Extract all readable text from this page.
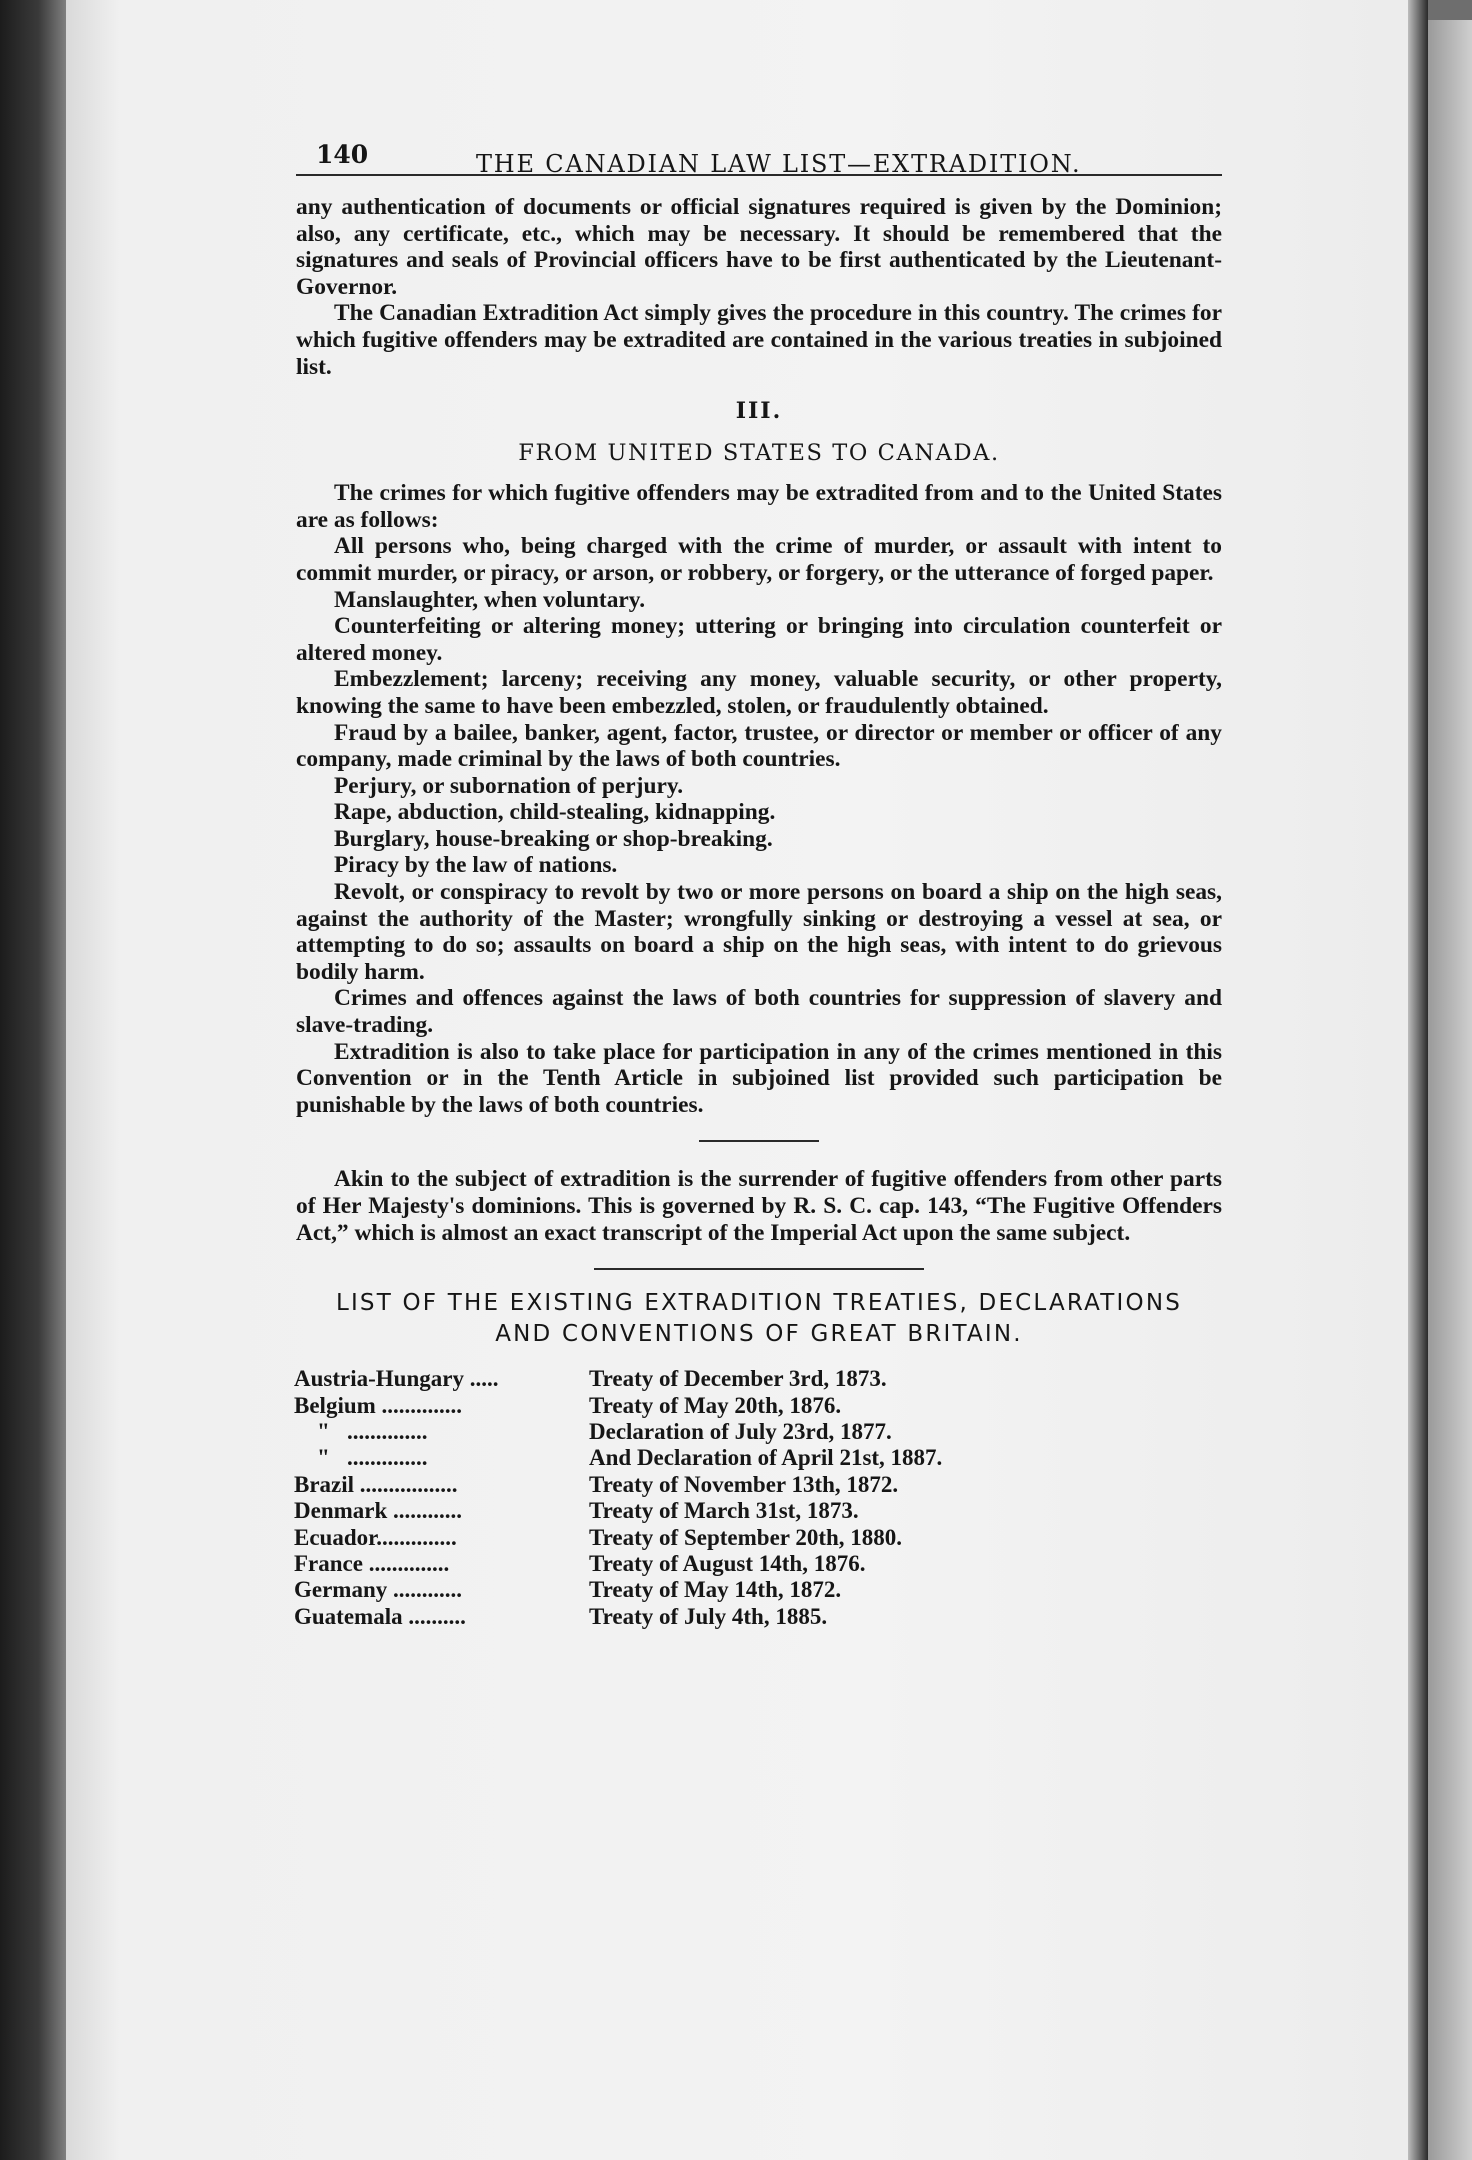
140	THE CANADIAN LAW LIST—EXTRADITION.

any authentication of documents or official signatures required is given by the Dominion; also, any certificate, etc., which may be necessary. It should be remembered that the signatures and seals of Provincial officers have to be first authenticated by the Lieutenant-Governor.

The Canadian Extradition Act simply gives the procedure in this country. The crimes for which fugitive offenders may be extradited are contained in the various treaties in subjoined list.

III.

FROM UNITED STATES TO CANADA.

The crimes for which fugitive offenders may be extradited from and to the United States are as follows:

All persons who, being charged with the crime of murder, or assault with intent to commit murder, or piracy, or arson, or robbery, or forgery, or the utterance of forged paper.

Manslaughter, when voluntary.

Counterfeiting or altering money; uttering or bringing into circulation counterfeit or altered money.

Embezzlement; larceny; receiving any money, valuable security, or other property, knowing the same to have been embezzled, stolen, or fraudulently obtained.

Fraud by a bailee, banker, agent, factor, trustee, or director or member or officer of any company, made criminal by the laws of both countries.

Perjury, or subornation of perjury.

Rape, abduction, child-stealing, kidnapping.

Burglary, house-breaking or shop-breaking.

Piracy by the law of nations.

Revolt, or conspiracy to revolt by two or more persons on board a ship on the high seas, against the authority of the Master; wrongfully sinking or destroying a vessel at sea, or attempting to do so; assaults on board a ship on the high seas, with intent to do grievous bodily harm.

Crimes and offences against the laws of both countries for suppression of slavery and slave-trading.

Extradition is also to take place for participation in any of the crimes mentioned in this Convention or in the Tenth Article in subjoined list provided such participation be punishable by the laws of both countries.

Akin to the subject of extradition is the surrender of fugitive offenders from other parts of Her Majesty's dominions. This is governed by R. S. C. cap. 143, “The Fugitive Offenders Act,” which is almost an exact transcript of the Imperial Act upon the same subject.

LIST OF THE EXISTING EXTRADITION TREATIES, DECLARATIONS
AND CONVENTIONS OF GREAT BRITAIN.
Austria-Hungary .....	Treaty of December 3rd, 1873.
Belgium ..............	Treaty of May 20th, 1876.
"   ..............	Declaration of July 23rd, 1877.
"   ..............	And Declaration of April 21st, 1887.
Brazil .................	Treaty of November 13th, 1872.
Denmark ............	Treaty of March 31st, 1873.
Ecuador..............	Treaty of September 20th, 1880.
France ..............	Treaty of August 14th, 1876.
Germany ............	Treaty of May 14th, 1872.
Guatemala ..........	Treaty of July 4th, 1885.
